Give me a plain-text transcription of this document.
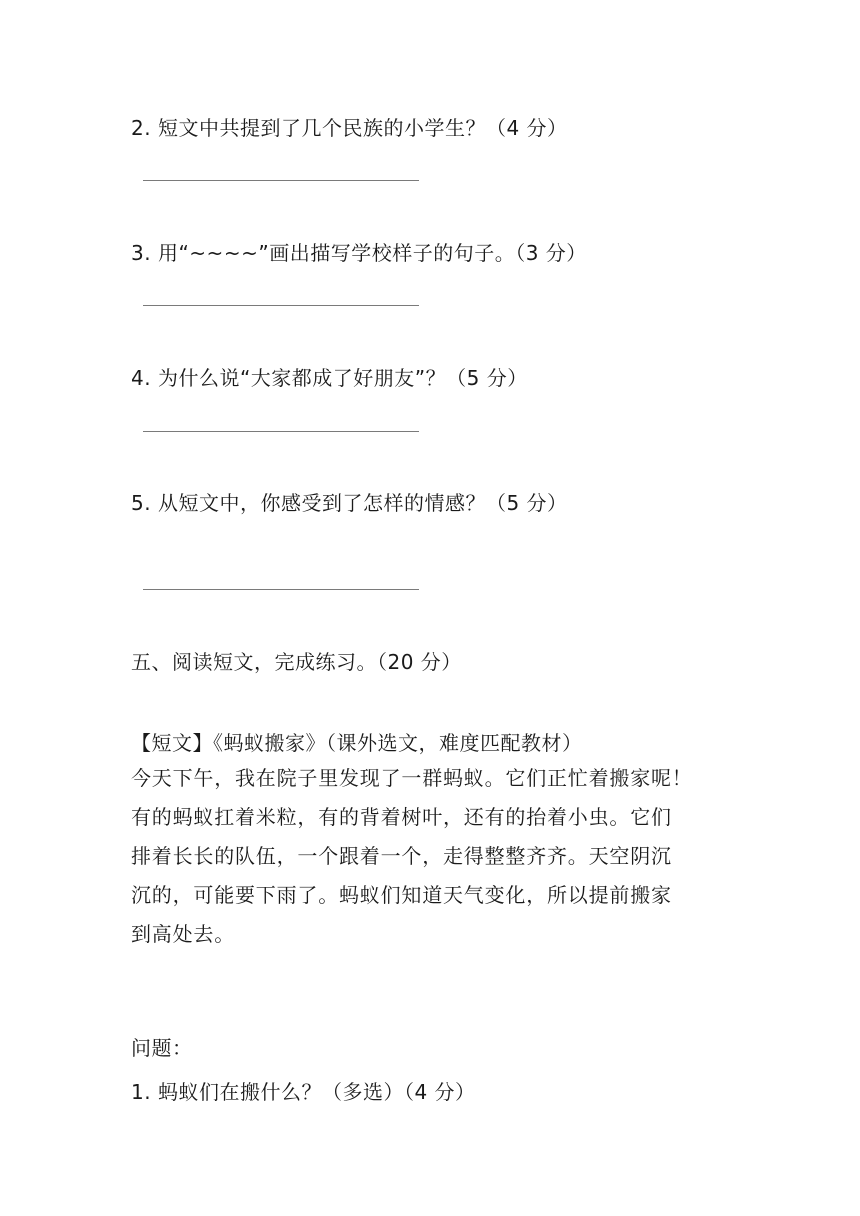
2. 短文中共提到了几个民族的小学生？（4 分）
3. 用“~~~~”画出描写学校样子的句子。（3 分）
4. 为什么说“大家都成了好朋友”？（5 分）
5. 从短文中，你感受到了怎样的情感？（5 分）
五、阅读短文，完成练习。（20 分）
【短文】《蚂蚁搬家》（课外选文，难度匹配教材）
今天下午，我在院子里发现了一群蚂蚁。它们正忙着搬家呢！
有的蚂蚁扛着米粒，有的背着树叶，还有的抬着小虫。它们
排着长长的队伍，一个跟着一个，走得整整齐齐。天空阴沉
沉的，可能要下雨了。蚂蚁们知道天气变化，所以提前搬家
到高处去。
问题：
1. 蚂蚁们在搬什么？（多选）（4 分）
